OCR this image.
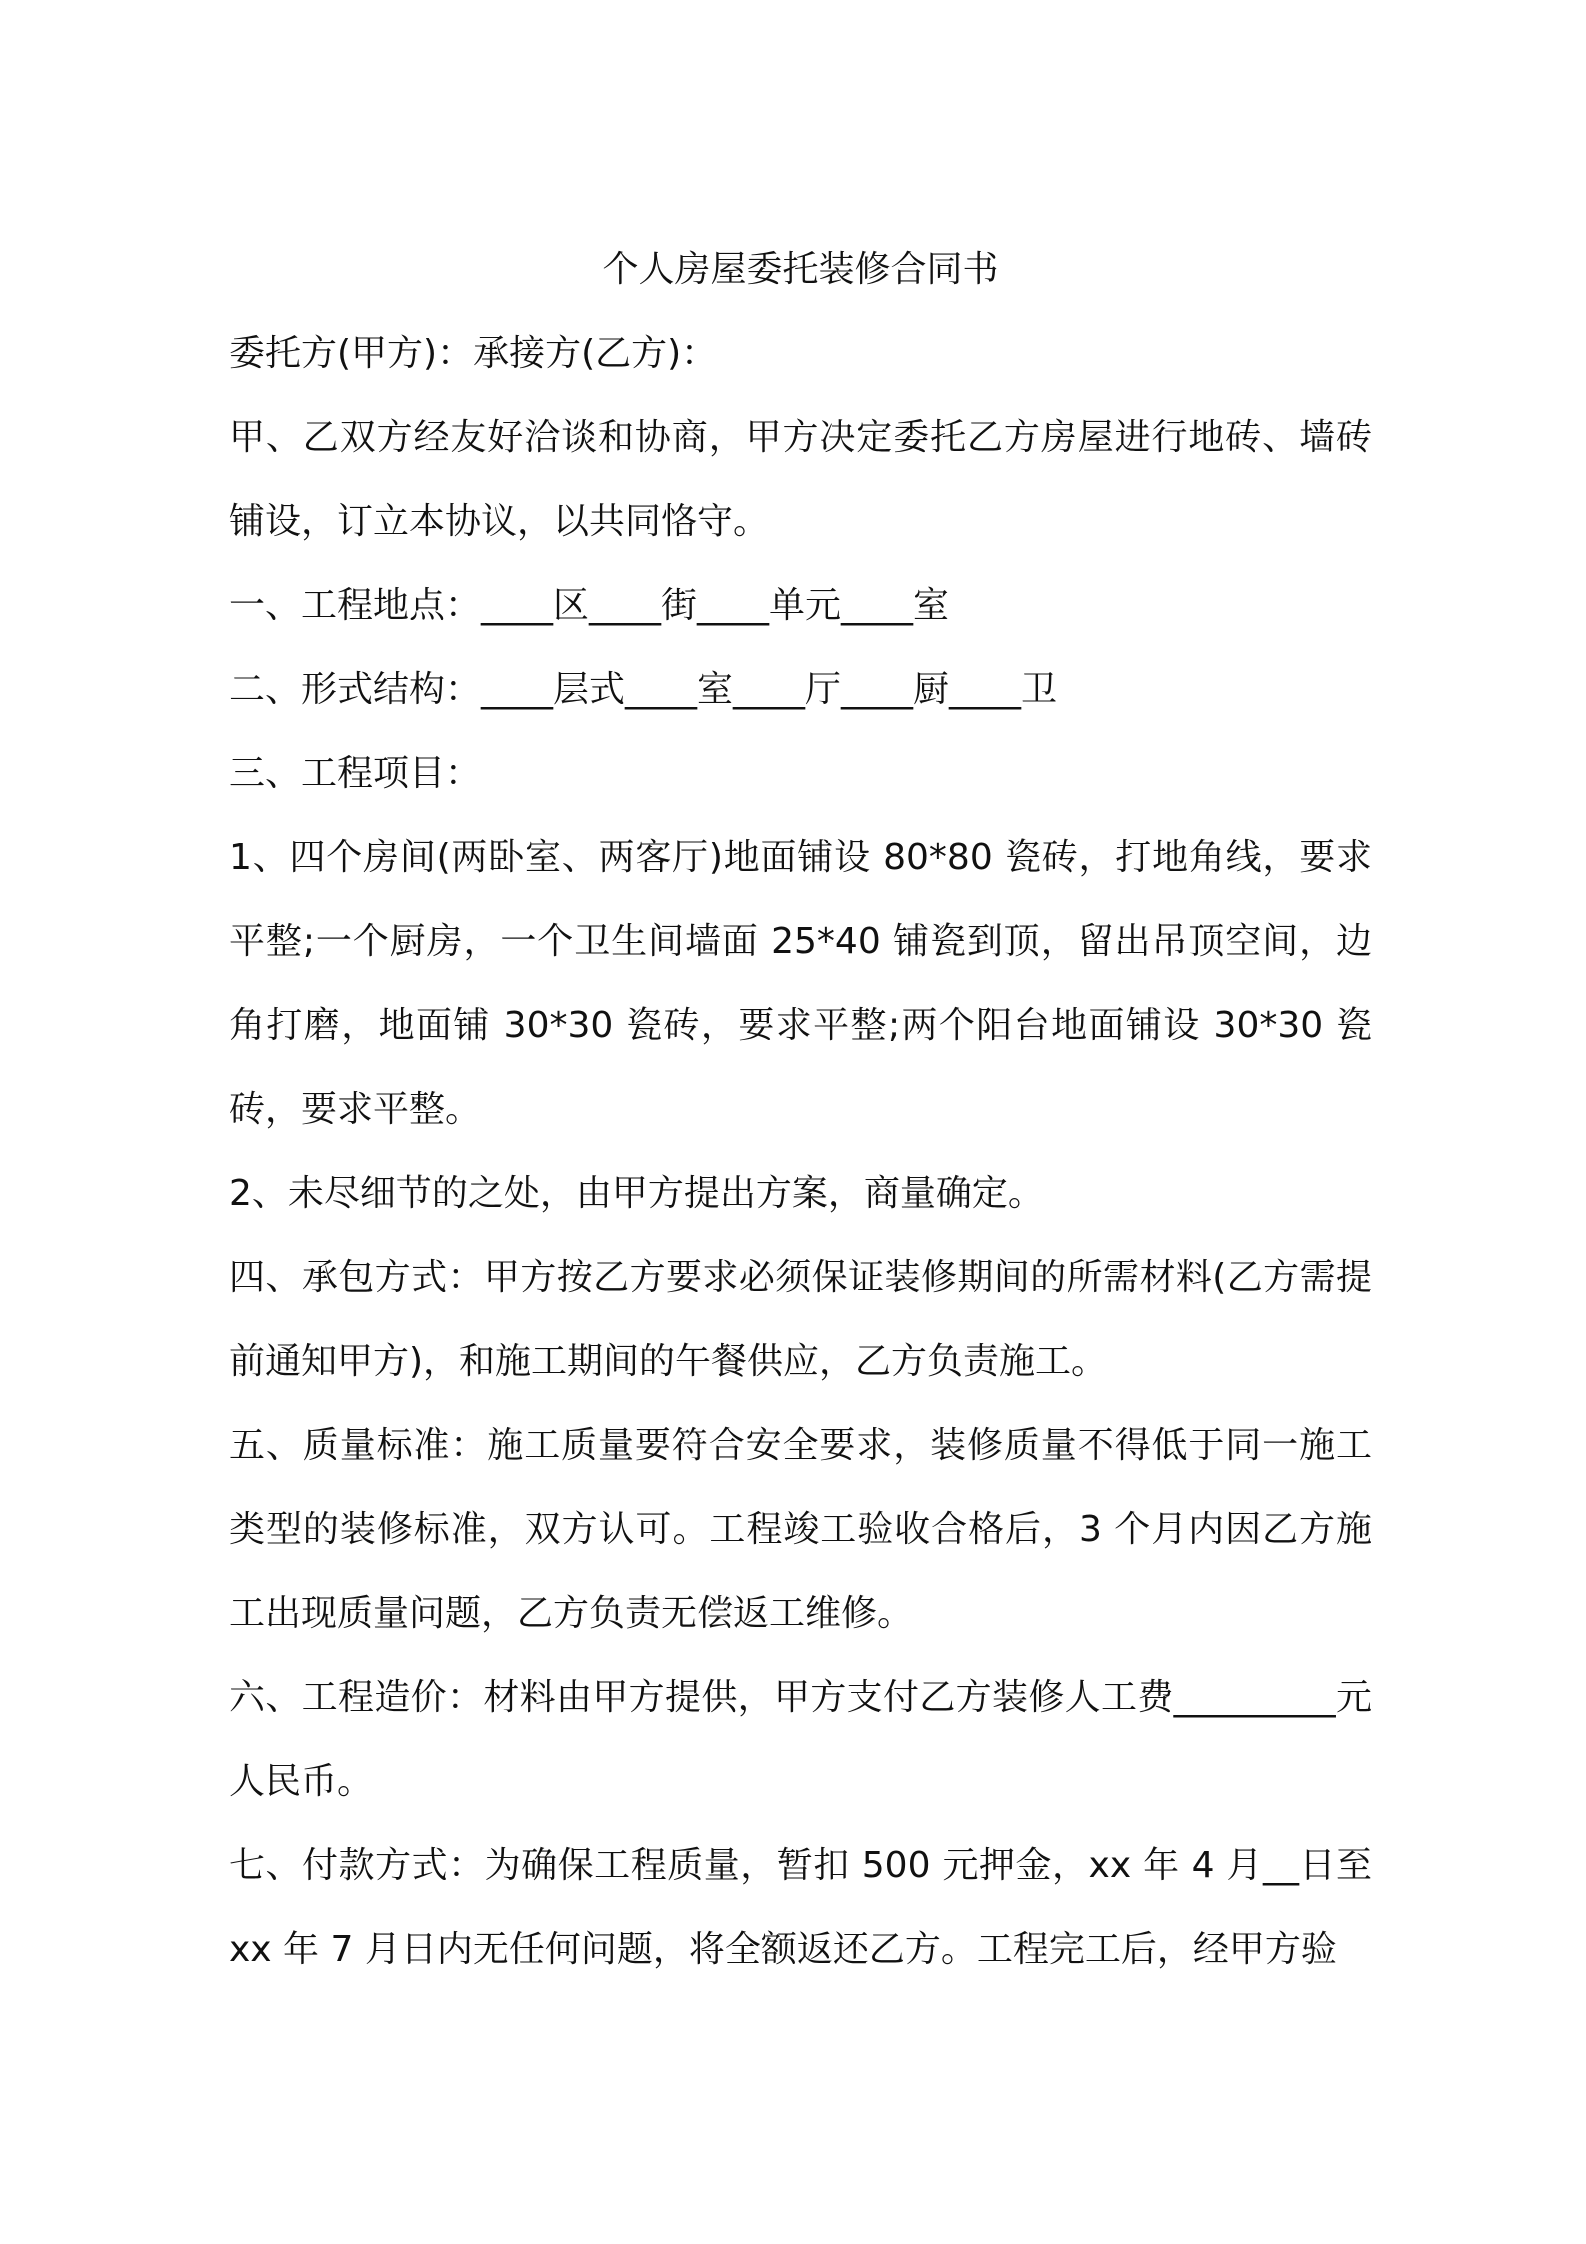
个人房屋委托装修合同书

委托方(甲方)：承接方(乙方)：

甲、乙双方经友好洽谈和协商，甲方决定委托乙方房屋进行地砖、墙砖铺设，订立本协议，以共同恪守。

一、工程地点：____区____街____单元____室

二、形式结构：____层式____室____厅____厨____卫

三、工程项目：

1、四个房间(两卧室、两客厅)地面铺设 80*80 瓷砖，打地角线，要求平整;一个厨房，一个卫生间墙面 25*40 铺瓷到顶，留出吊顶空间，边角打磨，地面铺 30*30 瓷砖，要求平整;两个阳台地面铺设 30*30 瓷砖，要求平整。

2、未尽细节的之处，由甲方提出方案，商量确定。

四、承包方式：甲方按乙方要求必须保证装修期间的所需材料(乙方需提前通知甲方)，和施工期间的午餐供应，乙方负责施工。

五、质量标准：施工质量要符合安全要求，装修质量不得低于同一施工类型的装修标准，双方认可。工程竣工验收合格后，3 个月内因乙方施工出现质量问题，乙方负责无偿返工维修。

六、工程造价：材料由甲方提供，甲方支付乙方装修人工费_________元人民币。

七、付款方式：为确保工程质量，暂扣 500 元押金，xx 年 4 月__日至 xx 年 7 月日内无任何问题，将全额返还乙方。工程完工后，经甲方验
